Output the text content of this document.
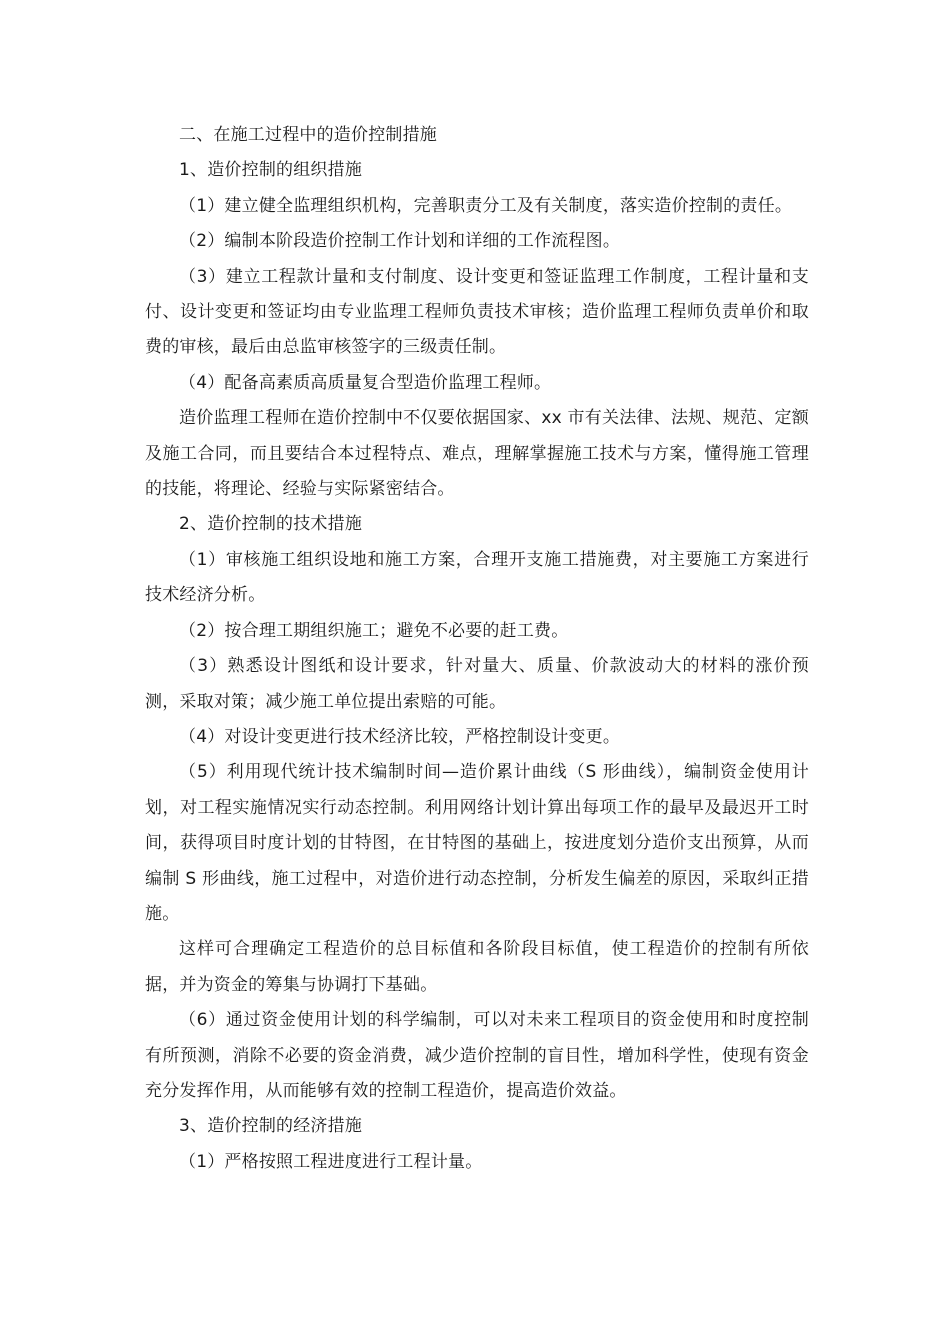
二、在施工过程中的造价控制措施

1、造价控制的组织措施

（1）建立健全监理组织机构，完善职责分工及有关制度，落实造价控制的责任。

（2）编制本阶段造价控制工作计划和详细的工作流程图。

（3）建立工程款计量和支付制度、设计变更和签证监理工作制度，工程计量和支付、设计变更和签证均由专业监理工程师负责技术审核；造价监理工程师负责单价和取费的审核，最后由总监审核签字的三级责任制。

（4）配备高素质高质量复合型造价监理工程师。

造价监理工程师在造价控制中不仅要依据国家、xx 市有关法律、法规、规范、定额及施工合同，而且要结合本过程特点、难点，理解掌握施工技术与方案，懂得施工管理的技能，将理论、经验与实际紧密结合。

2、造价控制的技术措施

（1）审核施工组织设地和施工方案，合理开支施工措施费，对主要施工方案进行技术经济分析。

（2）按合理工期组织施工；避免不必要的赶工费。

（3）熟悉设计图纸和设计要求，针对量大、质量、价款波动大的材料的涨价预测，采取对策；减少施工单位提出索赔的可能。

（4）对设计变更进行技术经济比较，严格控制设计变更。

（5）利用现代统计技术编制时间—造价累计曲线（S 形曲线），编制资金使用计划，对工程实施情况实行动态控制。利用网络计划计算出每项工作的最早及最迟开工时间，获得项目时度计划的甘特图，在甘特图的基础上，按进度划分造价支出预算，从而编制 S 形曲线，施工过程中，对造价进行动态控制，分析发生偏差的原因，采取纠正措施。

这样可合理确定工程造价的总目标值和各阶段目标值，使工程造价的控制有所依据，并为资金的筹集与协调打下基础。

（6）通过资金使用计划的科学编制，可以对未来工程项目的资金使用和时度控制有所预测，消除不必要的资金消费，减少造价控制的盲目性，增加科学性，使现有资金充分发挥作用，从而能够有效的控制工程造价，提高造价效益。

3、造价控制的经济措施

（1）严格按照工程进度进行工程计量。
